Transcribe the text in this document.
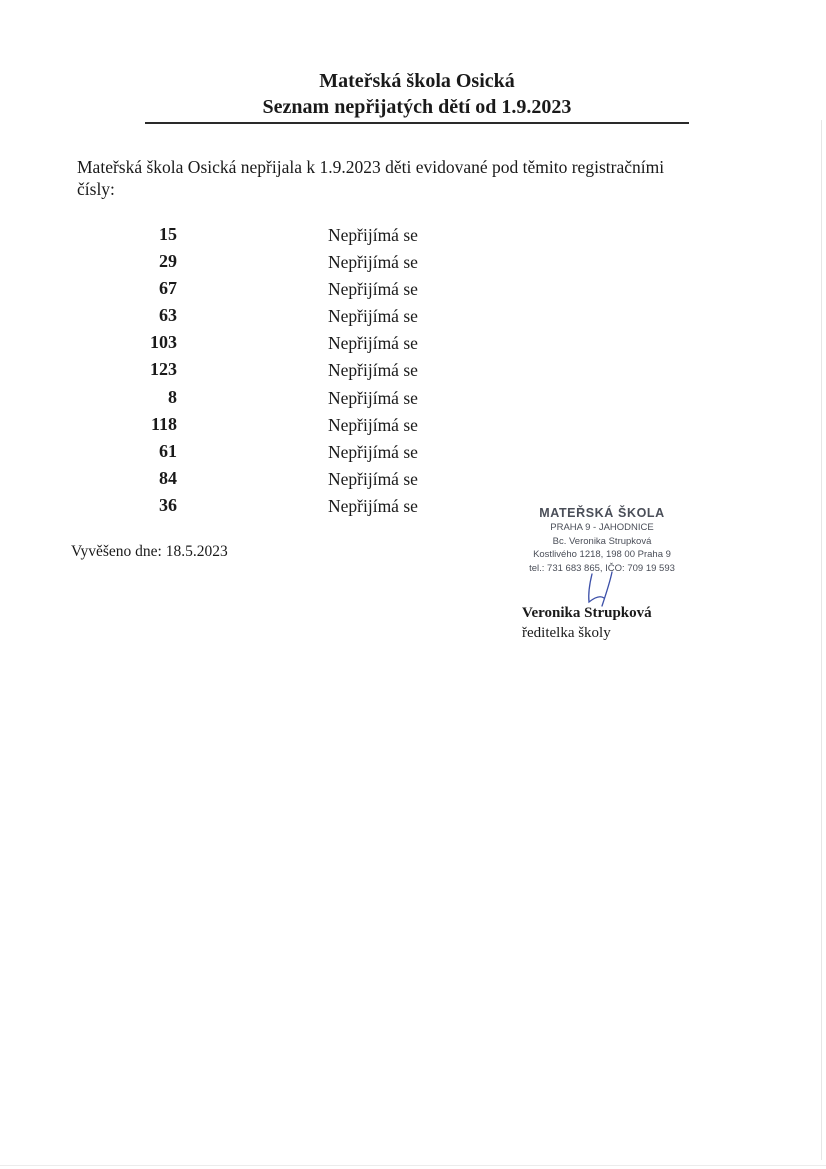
Mateřská škola Osická
Seznam nepřijatých dětí od 1.9.2023
Mateřská škola Osická nepřijala k 1.9.2023 děti evidované pod těmito registračními čísly:
15	Nepřijímá se
29	Nepřijímá se
67	Nepřijímá se
63	Nepřijímá se
103	Nepřijímá se
123	Nepřijímá se
8	Nepřijímá se
118	Nepřijímá se
61	Nepřijímá se
84	Nepřijímá se
36	Nepřijímá se
Vyvěšeno dne: 18.5.2023
MATEŘSKÁ ŠKOLA
PRAHA 9 - JAHODNICE
Bc. Veronika Strupková
Kostlivého 1218, 198 00 Praha 9
tel.: 731 683 865, IČO: 709 19 593
Veronika Strupková
ředitelka školy
